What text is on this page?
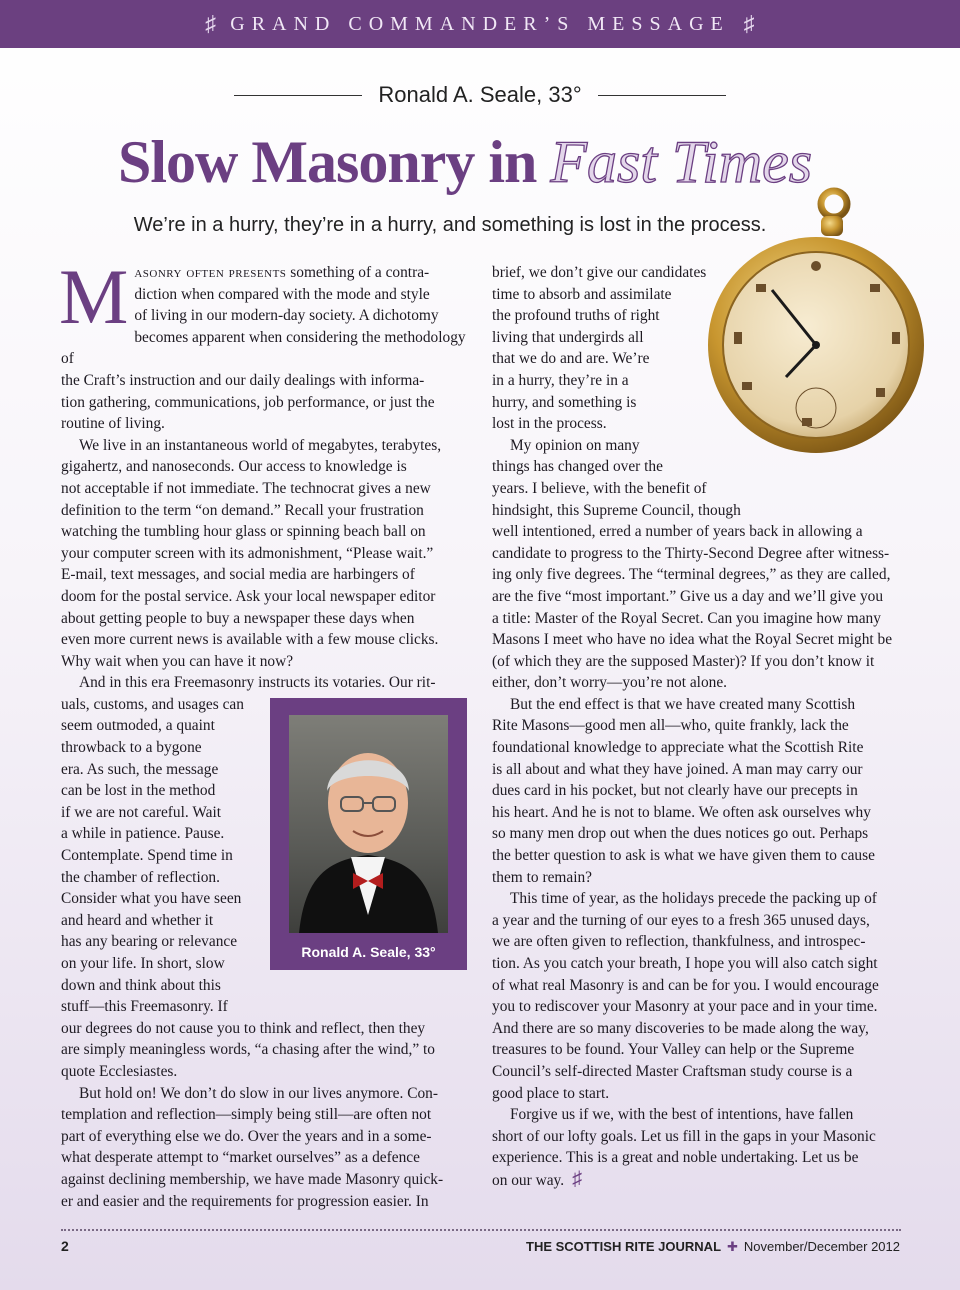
♯ GRAND COMMANDER’S MESSAGE ♯
Ronald A. Seale, 33°
Slow Masonry in Fast Times
We’re in a hurry, they’re in a hurry, and something is lost in the process.

Masonry often presents something of a contra-
diction when compared with the mode and style
of living in our modern-day society. A dichotomy
becomes apparent when considering the methodology of
the Craft’s instruction and our daily dealings with informa-
tion gathering, communications, job performance, or just the
routine of living.

We live in an instantaneous world of megabytes, terabytes,
gigahertz, and nanoseconds. Our access to knowledge is
not acceptable if not immediate. The technocrat gives a new
definition to the term “on demand.” Recall your frustration
watching the tumbling hour glass or spinning beach ball on
your computer screen with its admonishment, “Please wait.”
E-mail, text messages, and social media are harbingers of
doom for the postal service. Ask your local newspaper editor
about getting people to buy a newspaper these days when
even more current news is available with a few mouse clicks.
Why wait when you can have it now?
And in this era Freemasonry instructs its votaries. Our rit-
uals, customs, and usages can
seem outmoded, a quaint
throwback to a bygone
era. As such, the message
can be lost in the method
if we are not careful. Wait
a while in patience. Pause.
Contemplate. Spend time in
the chamber of reflection.
Consider what you have seen
and heard and whether it
has any bearing or relevance
on your life. In short, slow
down and think about this
stuff—this Freemasonry. If
our degrees do not cause you to think and reflect, then they
are simply meaningless words, “a chasing after the wind,” to
quote Ecclesiastes.
But hold on! We don’t do slow in our lives anymore. Con-
templation and reflection—simply being still—are often not
part of everything else we do. Over the years and in a some-
what desperate attempt to “market ourselves” as a defence
against declining membership, we have made Masonry quick-
er and easier and the requirements for progression easier. In
Ronald A. Seale, 33°
brief, we don’t give our candidates
time to absorb and assimilate
the profound truths of right
living that undergirds all
that we do and are. We’re
in a hurry, they’re in a
hurry, and something is
lost in the process.
My opinion on many
things has changed over the
years. I believe, with the benefit of
hindsight, this Supreme Council, though
well intentioned, erred a number of years back in allowing a
candidate to progress to the Thirty-Second Degree after witness-
ing only five degrees. The “terminal degrees,” as they are called,
are the five “most important.” Give us a day and we’ll give you
a title: Master of the Royal Secret. Can you imagine how many
Masons I meet who have no idea what the Royal Secret might be
(of which they are the supposed Master)? If you don’t know it
either, don’t worry—you’re not alone.
But the end effect is that we have created many Scottish
Rite Masons—good men all—who, quite frankly, lack the
foundational knowledge to appreciate what the Scottish Rite
is all about and what they have joined. A man may carry our
dues card in his pocket, but not clearly have our precepts in
his heart. And he is not to blame. We often ask ourselves why
so many men drop out when the dues notices go out. Perhaps
the better question to ask is what we have given them to cause
them to remain?
This time of year, as the holidays precede the packing up of
a year and the turning of our eyes to a fresh 365 unused days,
we are often given to reflection, thankfulness, and introspec-
tion. As you catch your breath, I hope you will also catch sight
of what real Masonry is and can be for you. I would encourage
you to rediscover your Masonry at your pace and in your time.
And there are so many discoveries to be made along the way,
treasures to be found. Your Valley can help or the Supreme
Council’s self-directed Master Craftsman study course is a
good place to start.
Forgive us if we, with the best of intentions, have fallen
short of our lofty goals. Let us fill in the gaps in your Masonic
experience. This is a great and noble undertaking. Let us be
on our way. ♯
2	THE SCOTTISH RITE JOURNAL ✚ November/December 2012
